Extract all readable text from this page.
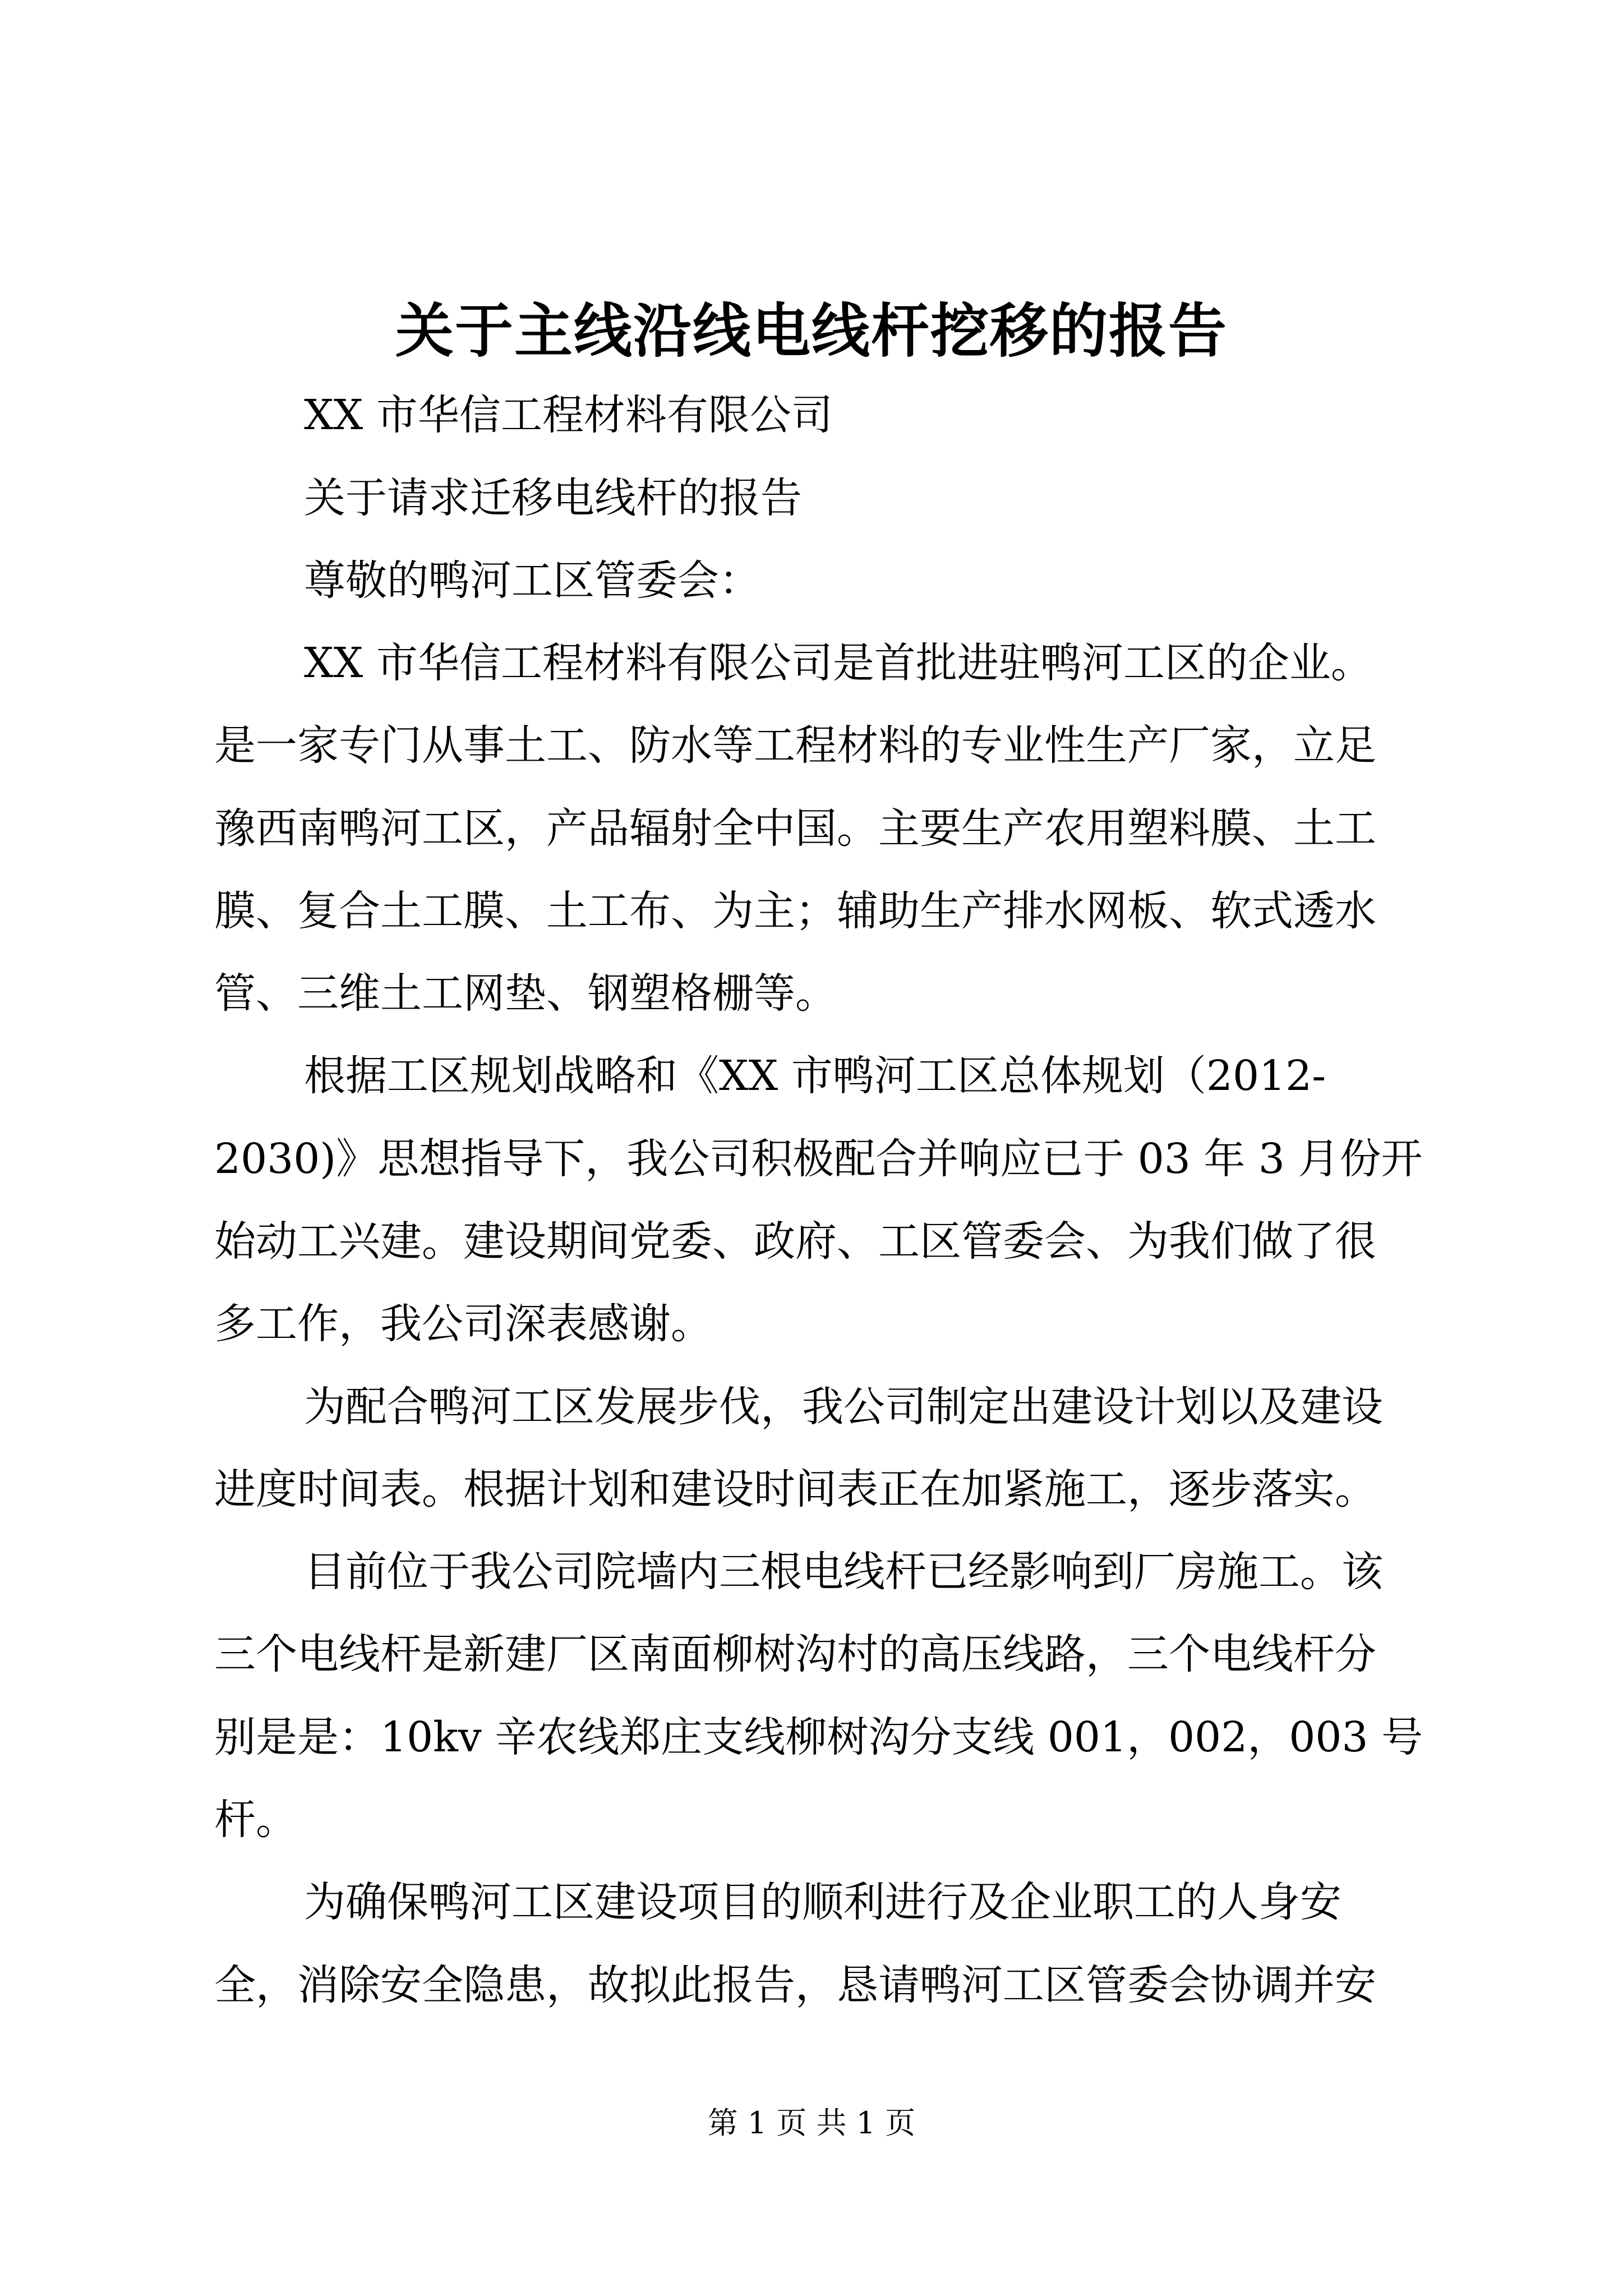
关于主线沿线电线杆挖移的报告
XX 市华信工程材料有限公司
关于请求迁移电线杆的报告
尊敬的鸭河工区管委会：
XX 市华信工程材料有限公司是首批进驻鸭河工区的企业。
是一家专门从事土工、防水等工程材料的专业性生产厂家，立足
豫西南鸭河工区，产品辐射全中国。主要生产农用塑料膜、土工
膜、复合土工膜、土工布、为主；辅助生产排水网板、软式透水
管、三维土工网垫、钢塑格栅等。
根据工区规划战略和《XX 市鸭河工区总体规划（2012-
2030)》思想指导下，我公司积极配合并响应已于 03 年 3 月份开
始动工兴建。建设期间党委、政府、工区管委会、为我们做了很
多工作，我公司深表感谢。
为配合鸭河工区发展步伐，我公司制定出建设计划以及建设
进度时间表。根据计划和建设时间表正在加紧施工，逐步落实。
目前位于我公司院墙内三根电线杆已经影响到厂房施工。该
三个电线杆是新建厂区南面柳树沟村的高压线路，三个电线杆分
别是是：10kv 辛农线郑庄支线柳树沟分支线 001，002，003 号
杆。
为确保鸭河工区建设项目的顺利进行及企业职工的人身安
全，消除安全隐患，故拟此报告，恳请鸭河工区管委会协调并安
第 1 页 共 1 页
